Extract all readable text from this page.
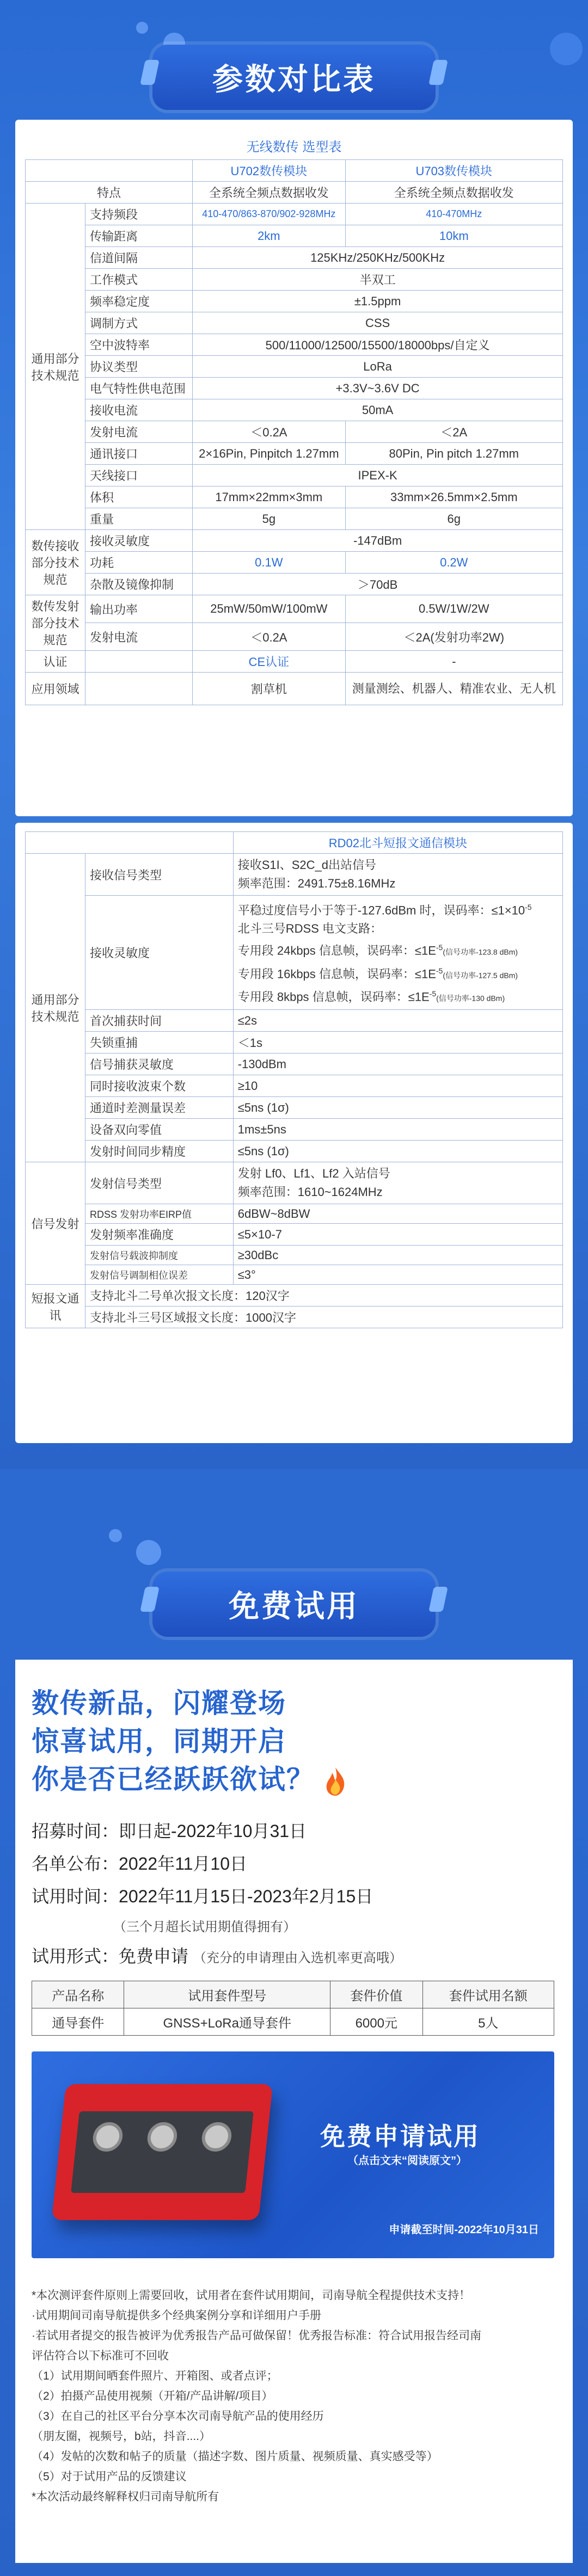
参数对比表
无线数传 选型表
		U702数传模块	U703数传模块
特点		全系统全频点数据收发	全系统全频点数据收发
通用部分技术规范	支持频段	410-470/863-870/902-928MHz	410-470MHz
	传输距离	2km	10km
	信道间隔	125KHz/250KHz/500KHz	
	工作模式	半双工	
	频率稳定度	±1.5ppm	
	调制方式	CSS	
	空中波特率	500/11000/12500/15500/18000bps/自定义	
	协议类型	LoRa	
	电气特性供电范围	+3.3V~3.6V DC	
	接收电流	50mA	
	发射电流	＜0.2A	＜2A
	通讯接口	2×16Pin, Pinpitch 1.27mm	80Pin, Pin pitch 1.27mm
	天线接口	IPEX-K	
	体积	17mm×22mm×3mm	33mm×26.5mm×2.5mm
	重量	5g	6g
数传接收部分技术规范	接收灵敏度	-147dBm	
	功耗	0.1W	0.2W
	杂散及镜像抑制	＞70dB	
数传发射部分技术规范	输出功率	25mW/50mW/100mW	0.5W/1W/2W
	发射电流	＜0.2A	＜2A(发射功率2W)
认证		CE认证	-
应用领域		割草机	测量测绘、机器人、精准农业、无人机
		RD02北斗短报文通信模块
通用部分技术规范	接收信号类型	接收S1I、S2C_d出站信号
频率范围：2491.75±8.16MHz

	接收灵敏度	平稳过度信号小于等于-127.6dBm 时，误码率：$\le 1\times 10^{-5}$
北斗三号RDSS 电文支路：
专用段 24kbps 信息帧，误码率：$\le 1E^{-5}$(信号功率-123.8 dBm)
专用段 16kbps 信息帧，误码率：$\le 1E^{-5}$(信号功率-127.5 dBm)
专用段 8kbps 信息帧，误码率：$\le 1E^{-5}$(信号功率-130 dBm)

	首次捕获时间	≤2s
	失锁重捕	＜1s
	信号捕获灵敏度	-130dBm
	同时接收波束个数	≥10
	通道时差测量误差	≤5ns (1σ)
	设备双向零值	1ms±5ns
	发射时间同步精度	≤5ns (1σ)
信号发射	发射信号类型	发射 Lf0、Lf1、Lf2 入站信号
频率范围：1610~1624MHz

	RDSS 发射功率EIRP值	6dBW~8dBW
	发射频率准确度	≤5×10-7
	发射信号载波抑制度	≥30dBc
	发射信号调制相位误差	≤3°
短报文通讯	支持北斗二号单次报文长度：120汉字	
	支持北斗三号区域报文长度：1000汉字	
免费试用
数传新品，闪耀登场
惊喜试用，同期开启
你是否已经跃跃欲试？
招募时间：即日起-2022年10月31日
名单公布：2022年11月10日
试用时间：2022年11月15日-2023年2月15日
（三个月超长试用期值得拥有）
试用形式：免费申请 （充分的申请理由入选机率更高哦）
产品名称	试用套件型号	套件价值	套件试用名额
通导套件	GNSS+LoRa通导套件	6000元	5人
免费申请试用
（点击文末“阅读原文”）
申请截至时间-2022年10月31日
*本次测评套件原则上需要回收，试用者在套件试用期间，司南导航全程提供技术支持！
·试用期间司南导航提供多个经典案例分享和详细用户手册
·若试用者提交的报告被评为优秀报告产品可做保留！优秀报告标准：符合试用报告经司南
评估符合以下标准可不回收
（1）试用期间晒套件照片、开箱图、或者点评；
（2）拍摄产品使用视频（开箱/产品讲解/项目）
（3）在自己的社区平台分享本次司南导航产品的使用经历
（朋友圈，视频号，b站，抖音....）
（4）发帖的次数和帖子的质量（描述字数、图片质量、视频质量、真实感受等）
（5）对于试用产品的反馈建议
*本次活动最终解释权归司南导航所有
